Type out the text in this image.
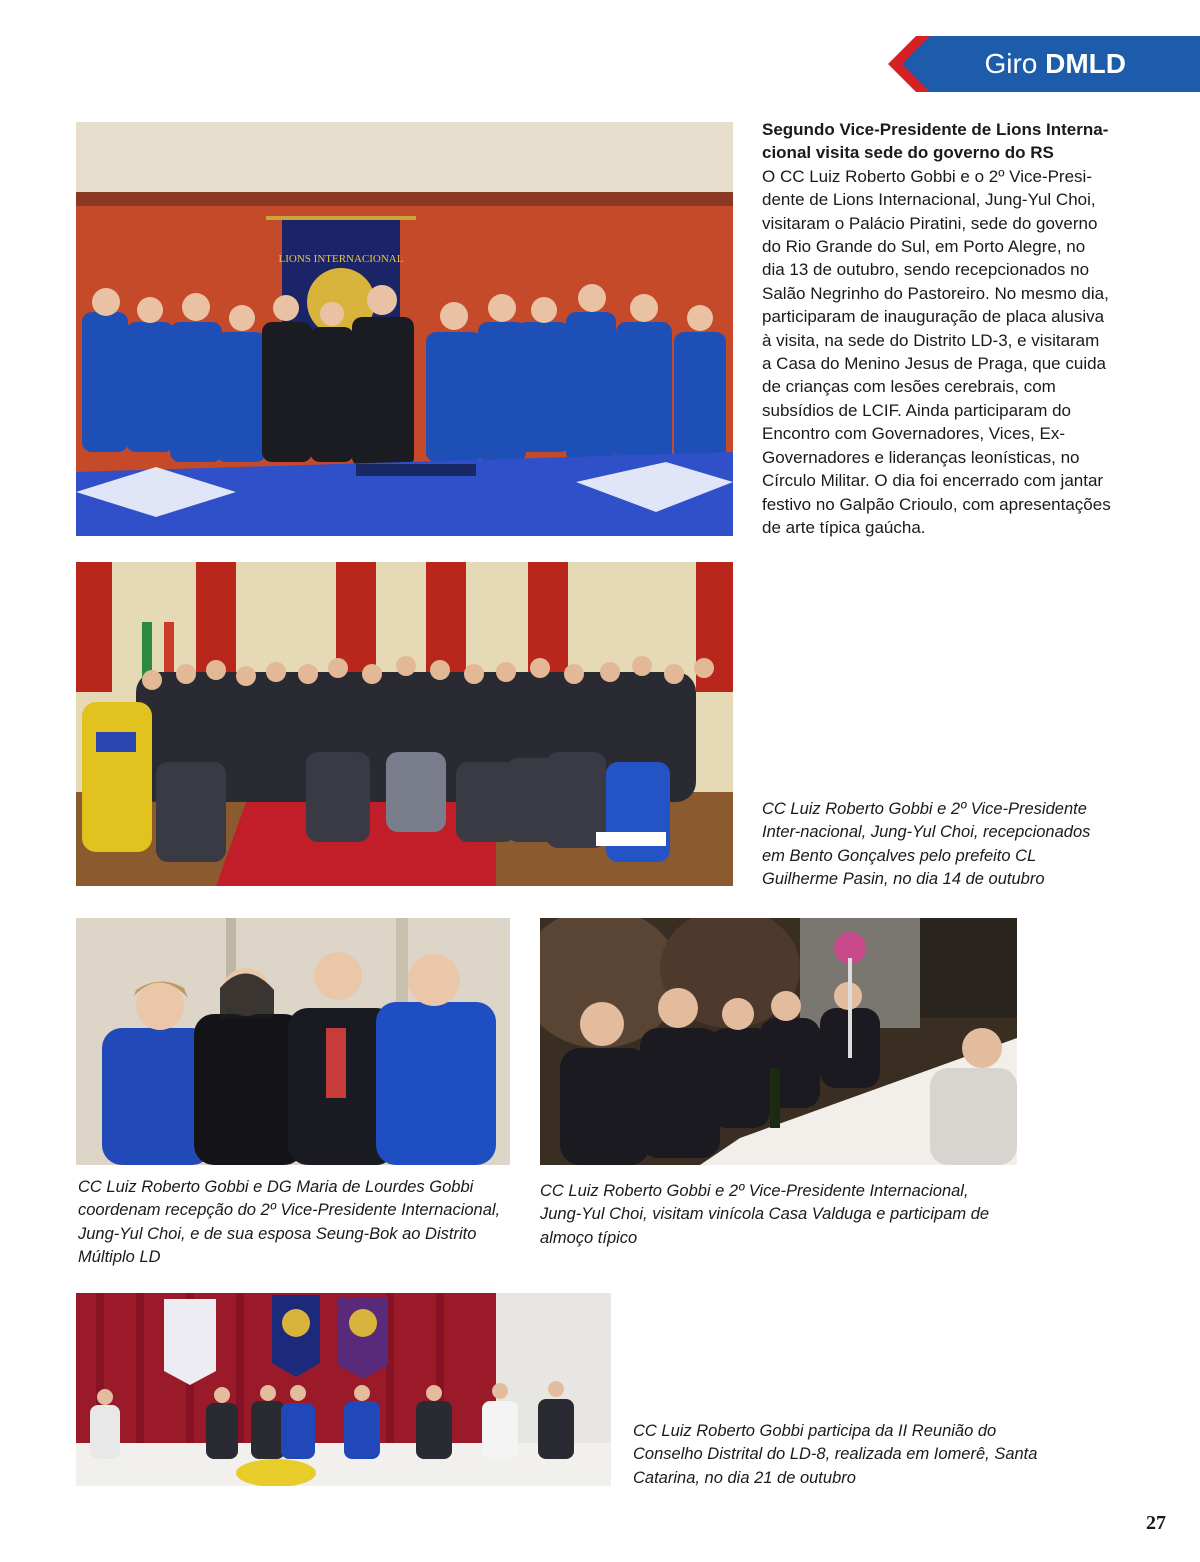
Giro DMLD
LIONS INTERNACIONAL

Segundo Vice-Presidente de Lions Interna-cional visita sede do governo do RS

O CC Luiz Roberto Gobbi e o 2º Vice-Presi-dente de Lions Internacional, Jung-Yul Choi, visitaram o Palácio Piratini, sede do governo do Rio Grande do Sul, em Porto Alegre, no dia 13 de outubro, sendo recepcionados no Salão Negrinho do Pastoreiro. No mesmo dia, participaram de inauguração de placa alusiva à visita, na sede do Distrito LD-3, e visitaram a Casa do Menino Jesus de Praga, que cuida de crianças com lesões cerebrais, com subsídios de LCIF. Ainda participaram do Encontro com Governadores, Vices, Ex-Governadores e lideranças leonísticas, no Círculo Militar. O dia foi encerrado com jantar festivo no Galpão Crioulo, com apresentações de arte típica gaúcha.

CC Luiz Roberto Gobbi e 2º Vice-Presidente Inter-nacional, Jung-Yul Choi, recepcionados em Bento Gonçalves pelo prefeito CL Guilherme Pasin, no dia 14 de outubro
CC Luiz Roberto Gobbi e DG Maria de Lourdes Gobbi coordenam recepção do 2º Vice-Presidente Internacional, Jung-Yul Choi, e de sua esposa Seung-Bok ao Distrito Múltiplo LD
CC Luiz Roberto Gobbi e 2º Vice-Presidente Internacional, Jung-Yul Choi, visitam vinícola Casa Valduga e participam de almoço típico
CC Luiz Roberto Gobbi participa da II Reunião do Conselho Distrital do LD-8, realizada em Iomerê, Santa Catarina, no dia 21 de outubro
27
